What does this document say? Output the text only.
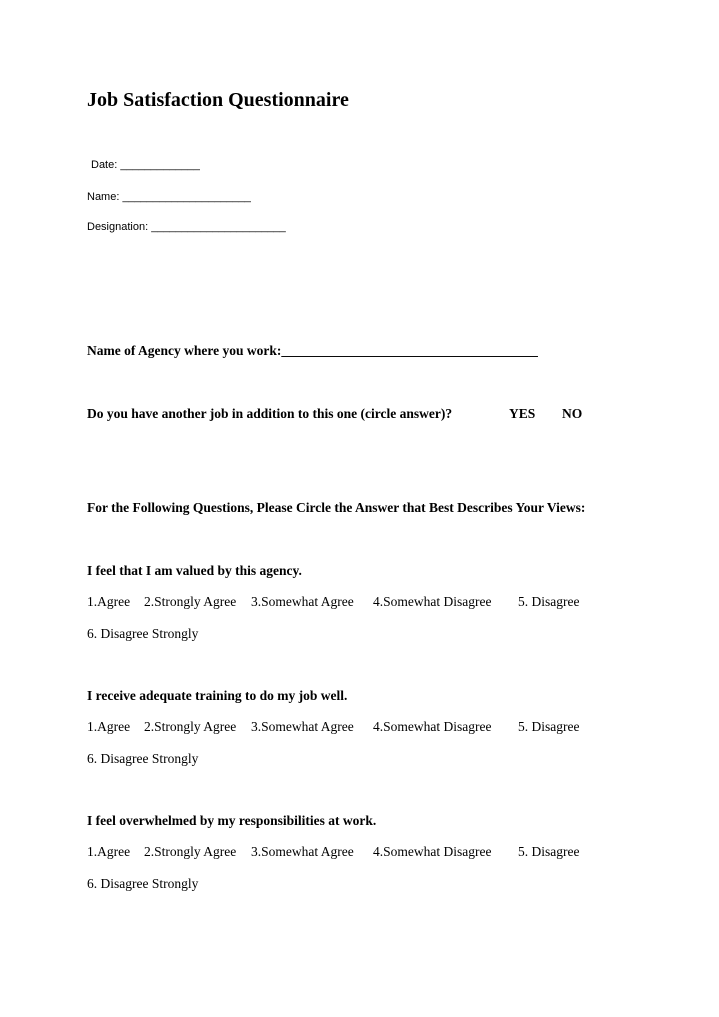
Job Satisfaction Questionnaire
Date: _____________
Name: _____________________
Designation: ______________________
Name of Agency where you work:______________________________________
Do you have another job in addition to this one (circle answer)?	YES NO
For the Following Questions, Please Circle the Answer that Best Describes Your Views:
I feel that I am valued by this agency.
1.Agree 2.Strongly Agree 3.Somewhat Agree 4.Somewhat Disagree 5. Disagree
6. Disagree Strongly
I receive adequate training to do my job well.
1.Agree 2.Strongly Agree 3.Somewhat Agree 4.Somewhat Disagree 5. Disagree
6. Disagree Strongly
I feel overwhelmed by my responsibilities at work.
1.Agree 2.Strongly Agree 3.Somewhat Agree 4.Somewhat Disagree 5. Disagree
6. Disagree Strongly
